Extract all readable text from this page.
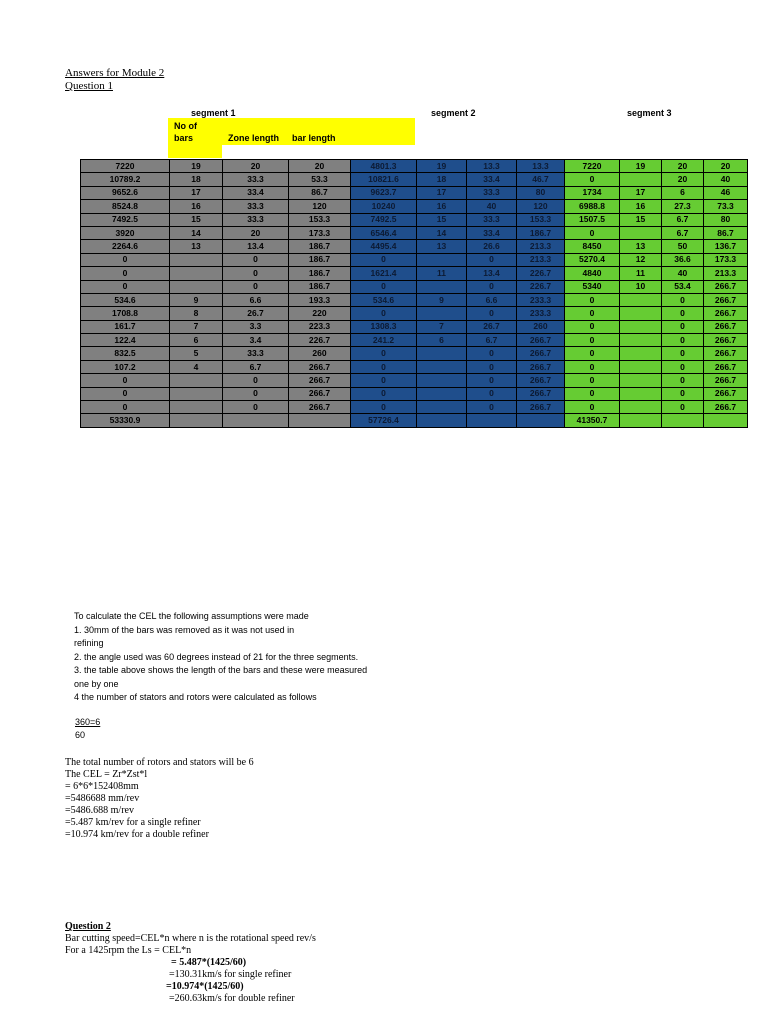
Answers for Module 2
Question 1
segment 1	segment 2	segment 3
No of
bars	Zone length bar length
7220	19	20	20	4801.3	19	13.3	13.3	7220	19	20	20
10789.2	18	33.3	53.3	10821.6	18	33.4	46.7	0		20	40
9652.6	17	33.4	86.7	9623.7	17	33.3	80	1734	17	6	46
8524.8	16	33.3	120	10240	16	40	120	6988.8	16	27.3	73.3
7492.5	15	33.3	153.3	7492.5	15	33.3	153.3	1507.5	15	6.7	80
3920	14	20	173.3	6546.4	14	33.4	186.7	0		6.7	86.7
2264.6	13	13.4	186.7	4495.4	13	26.6	213.3	8450	13	50	136.7
0		0	186.7	0		0	213.3	5270.4	12	36.6	173.3
0		0	186.7	1621.4	11	13.4	226.7	4840	11	40	213.3
0		0	186.7	0		0	226.7	5340	10	53.4	266.7
534.6	9	6.6	193.3	534.6	9	6.6	233.3	0		0	266.7
1708.8	8	26.7	220	0		0	233.3	0		0	266.7
161.7	7	3.3	223.3	1308.3	7	26.7	260	0		0	266.7
122.4	6	3.4	226.7	241.2	6	6.7	266.7	0		0	266.7
832.5	5	33.3	260	0		0	266.7	0		0	266.7
107.2	4	6.7	266.7	0		0	266.7	0		0	266.7
0		0	266.7	0		0	266.7	0		0	266.7
0		0	266.7	0		0	266.7	0		0	266.7
0		0	266.7	0		0	266.7	0		0	266.7
53330.9				57726.4				41350.7			
To calculate the CEL the following assumptions were made
1. 30mm of the bars was removed as it was not used in
refining
2. the angle used was 60 degrees instead of 21 for the three segments.
3. the table above shows the length of the bars and these were measured
one by one
4 the number of stators and rotors were calculated as follows
$\frac{360=6}{60}$
The total number of rotors and stators will be 6
The CEL = Zr*Zst*l
= 6*6*152408mm
=5486688 mm/rev
=5486.688 m/rev
=5.487 km/rev for a single refiner
=10.974 km/rev for a double refiner
Question 2
Bar cutting speed=CEL*n where n is the rotational speed rev/s
For a 1425rpm the Ls = CEL*n
= 5.487*(1425/60)
=130.31km/s for single refiner
=10.974*(1425/60)
=260.63km/s for double refiner
